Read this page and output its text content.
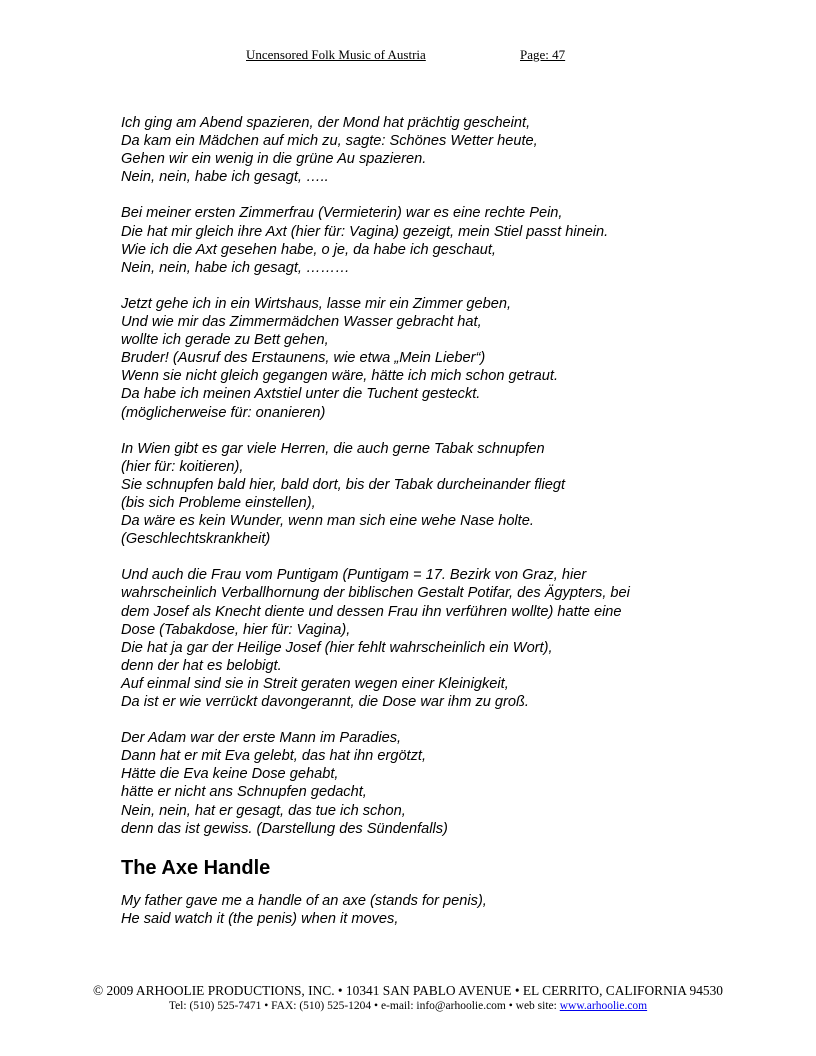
Uncensored Folk Music of Austria	Page: 47
Ich ging am Abend spazieren, der Mond hat prächtig gescheint,
Da kam ein Mädchen auf mich zu, sagte: Schönes Wetter heute,
Gehen wir ein wenig in die grüne Au spazieren.
Nein, nein, habe ich gesagt, …..
Bei meiner ersten Zimmerfrau (Vermieterin) war es eine rechte Pein,
Die hat mir gleich ihre Axt (hier für: Vagina) gezeigt, mein Stiel passt hinein.
Wie ich die Axt gesehen habe, o je, da habe ich geschaut,
Nein, nein, habe ich gesagt, ………
Jetzt gehe ich in ein Wirtshaus, lasse mir ein Zimmer geben,
Und wie mir das Zimmermädchen Wasser gebracht hat,
wollte ich gerade zu Bett gehen,
Bruder! (Ausruf des Erstaunens, wie etwa „Mein Lieber“)
Wenn sie nicht gleich gegangen wäre, hätte ich mich schon getraut.
Da habe ich meinen Axtstiel unter die Tuchent gesteckt.
(möglicherweise für: onanieren)
In Wien gibt es gar viele Herren, die auch gerne Tabak schnupfen
(hier für: koitieren),
Sie schnupfen bald hier, bald dort, bis der Tabak durcheinander fliegt
(bis sich Probleme einstellen),
Da wäre es kein Wunder, wenn man sich eine wehe Nase holte.
(Geschlechtskrankheit)
Und auch die Frau vom Puntigam (Puntigam = 17. Bezirk von Graz, hier
wahrscheinlich Verballhornung der biblischen Gestalt Potifar, des Ägypters, bei
dem Josef als Knecht diente und dessen Frau ihn verführen wollte) hatte eine
Dose (Tabakdose, hier für: Vagina),
Die hat ja gar der Heilige Josef (hier fehlt wahrscheinlich ein Wort),
denn der hat es belobigt.
Auf einmal sind sie in Streit geraten wegen einer Kleinigkeit,
Da ist er wie verrückt davongerannt, die Dose war ihm zu groß.
Der Adam war der erste Mann im Paradies,
Dann hat er mit Eva gelebt, das hat ihn ergötzt,
Hätte die Eva keine Dose gehabt,
hätte er nicht ans Schnupfen gedacht,
Nein, nein, hat er gesagt, das tue ich schon,
denn das ist gewiss. (Darstellung des Sündenfalls)
The Axe Handle
My father gave me a handle of an axe (stands for penis),
He said watch it (the penis) when it moves,
© 2009 ARHOOLIE PRODUCTIONS, INC. • 10341 SAN PABLO AVENUE • EL CERRITO, CALIFORNIA 94530
Tel: (510) 525-7471 • FAX: (510) 525-1204 • e-mail: info@arhoolie.com • web site: www.arhoolie.com
